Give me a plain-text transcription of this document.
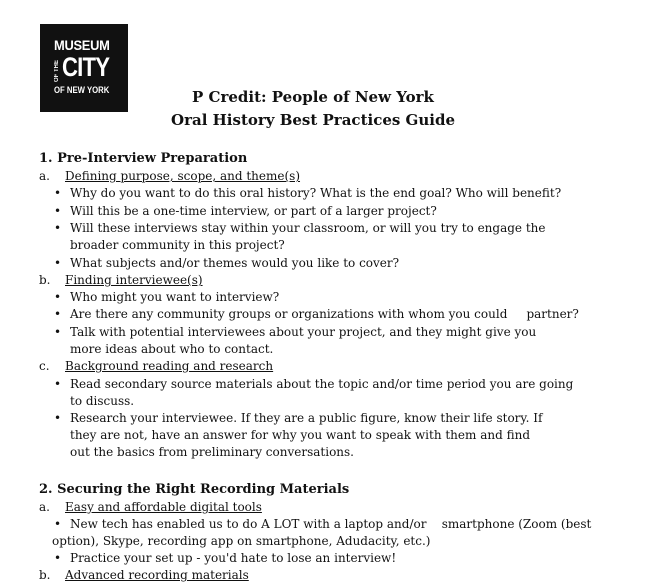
MUSEUM
OF THE CITY
OF NEW YORK	P Credit: People of New York
Oral History Best Practices Guide
1. Pre-Interview Preparation
a. Defining purpose, scope, and theme(s)
• Why do you want to do this oral history? What is the end goal? Who will benefit?
• Will this be a one-time interview, or part of a larger project?
• Will these interviews stay within your classroom, or will you try to engage the
broader community in this project?
• What subjects and/or themes would you like to cover?
b. Finding interviewee(s)
• Who might you want to interview?
• Are there any community groups or organizations with whom you could     partner?
• Talk with potential interviewees about your project, and they might give you
more ideas about who to contact.
c. Background reading and research
• Read secondary source materials about the topic and/or time period you are going
to discuss.
• Research your interviewee. If they are a public figure, know their life story. If
they are not, have an answer for why you want to speak with them and find
out the basics from preliminary conversations.
2. Securing the Right Recording Materials
a. Easy and affordable digital tools
• New tech has enabled us to do A LOT with a laptop and/or    smartphone (Zoom (best
option), Skype, recording app on smartphone, Adudacity, etc.)
• Practice your set up - you'd hate to lose an interview!
b. Advanced recording materials
